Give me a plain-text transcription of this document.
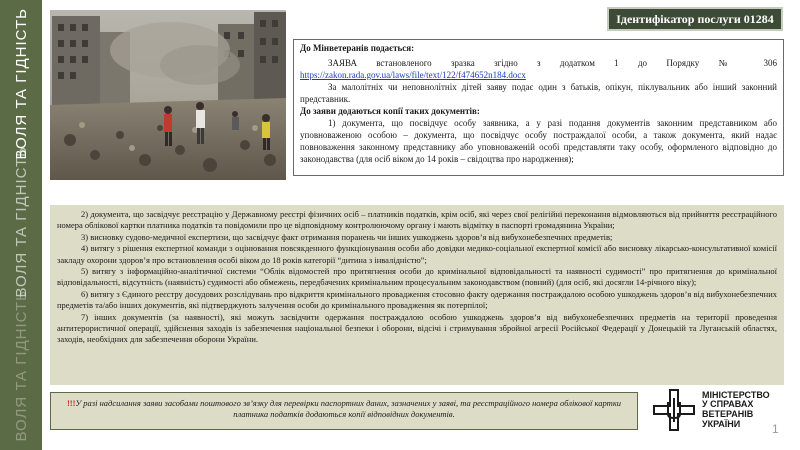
ВОЛЯ ТА ГІДНІСТЬ
ВОЛЯ ТА ГІДНІСТЬ
ВОЛЯ ТА ГІДНІСТЬ
Ідентифікатор послуги 01284
До Мінветеранів подається:

ЗАЯВА встановленого зразка згідно з додатком 1 до Порядку № 306 https://zakon.rada.gov.ua/laws/file/text/122/f474652n184.docx

За малолітніх чи неповнолітніх дітей заяву подає один з батьків, опікун, піклувальник або інший законний представник.

До заяви додаються копії таких документів:

1) документа, що посвідчує особу заявника, а у разі подання документів законним представником або уповноваженою особою – документа, що посвідчує особу постраждалої особи, а також документа, який надає повноваження законному представнику або уповноваженій особі представляти таку особу, оформленого відповідно до законодавства (для осіб віком до 14 років – свідоцтва про народження);

2) документа, що засвідчує реєстрацію у Державному реєстрі фізичних осіб – платників податків, крім осіб, які через свої релігійні переконання відмовляються від прийняття реєстраційного номера облікової картки платника податків та повідомили про це відповідному контролюючому органу і мають відмітку в паспорті громадянина України;

3) висновку судово-медичної експертизи, що засвідчує факт отримання поранень чи інших ушкоджень здоров’я від вибухонебезпечних предметів;

4) витягу з рішення експертної команди з оцінювання повсякденного функціонування особи або довідки медико-соціальної експертної комісії або висновку лікарсько-консультативної комісії закладу охорони здоров’я про встановлення особі віком до 18 років категорії “дитина з інвалідністю”;

5) витягу з інформаційно-аналітичної системи “Облік відомостей про притягнення особи до кримінальної відповідальності та наявності судимості” про притягнення до кримінальної відповідальності, відсутність (наявність) судимості або обмежень, передбачених кримінальним процесуальним законодавством (повний) (для осіб, які досягли 14-річного віку);

6) витягу з Єдиного реєстру досудових розслідувань про відкриття кримінального провадження стосовно факту одержання постраждалою особою ушкоджень здоров’я від вибухонебезпечних предметів та/або інших документів, які підтверджують залучення особи до кримінального провадження як потерпілої;

7) інших документів (за наявності), які можуть засвідчити одержання постраждалою особою ушкоджень здоров’я від вибухонебезпечних предметів на території проведення антитерористичної операції, здійснення заходів із забезпечення національної безпеки і оборони, відсічі і стримування збройної агресії Російської Федерації у Донецькій та Луганській областях, заходів, необхідних для забезпечення оборони України.

!!!У разі надсилання заяви засобами поштового зв’язку для перевірки паспортних даних, зазначених у заяві, та реєстраційного номера облікової картки платника податків додаються копії відповідних документів.
МІНІСТЕРСТВО
У СПРАВАХ
ВЕТЕРАНІВ
УКРАЇНИ	1
